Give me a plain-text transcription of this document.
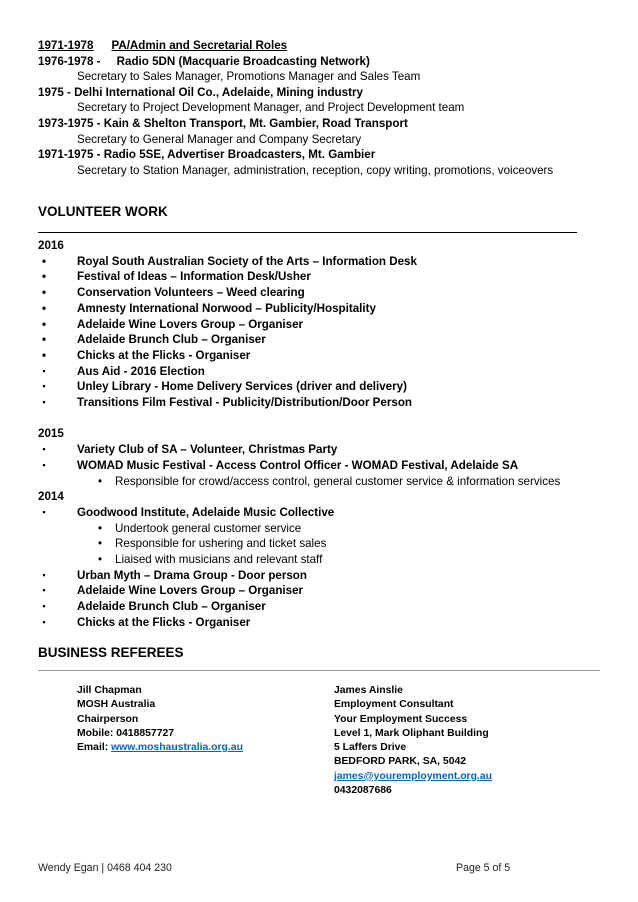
1971-1978 PA/Admin and Secretarial Roles
1976-1978 - Radio 5DN (Macquarie Broadcasting Network)
Secretary to Sales Manager, Promotions Manager and Sales Team
1975 - Delhi International Oil Co., Adelaide, Mining industry
Secretary to Project Development Manager, and Project Development team
1973-1975 - Kain & Shelton Transport, Mt. Gambier, Road Transport
Secretary to General Manager and Company Secretary
1971-1975 - Radio 5SE, Advertiser Broadcasters, Mt. Gambier
Secretary to Station Manager, administration, reception, copy writing, promotions, voiceovers
VOLUNTEER WORK
2016
•	Royal South Australian Society of the Arts – Information Desk
•	Festival of Ideas – Information Desk/Usher
•	Conservation Volunteers – Weed clearing
•	Amnesty International Norwood – Publicity/Hospitality
•	Adelaide Wine Lovers Group – Organiser
•	Adelaide Brunch Club – Organiser
•	Chicks at the Flicks - Organiser
▪	Aus Aid - 2016 Election
▪	Unley Library - Home Delivery Services (driver and delivery)
▪	Transitions Film Festival - Publicity/Distribution/Door Person
2015
▪	Variety Club of SA – Volunteer, Christmas Party
▪	WOMAD Music Festival - Access Control Officer - WOMAD Festival, Adelaide SA
• Responsible for crowd/access control, general customer service & information services
2014
▪	Goodwood Institute, Adelaide Music Collective
• Undertook general customer service
• Responsible for ushering and ticket sales
• Liaised with musicians and relevant staff
▪	Urban Myth – Drama Group - Door person
▪	Adelaide Wine Lovers Group – Organiser
▪	Adelaide Brunch Club – Organiser
▪	Chicks at the Flicks - Organiser
BUSINESS REFEREES
Jill Chapman
MOSH Australia
Chairperson
Mobile: 0418857727
Email: www.moshaustralia.org.au
James Ainslie
Employment Consultant
Your Employment Success
Level 1, Mark Oliphant Building
5 Laffers Drive
BEDFORD PARK, SA, 5042
james@youremployment.org.au
0432087686
Wendy Egan | 0468 404 230	Page 5 of 5
